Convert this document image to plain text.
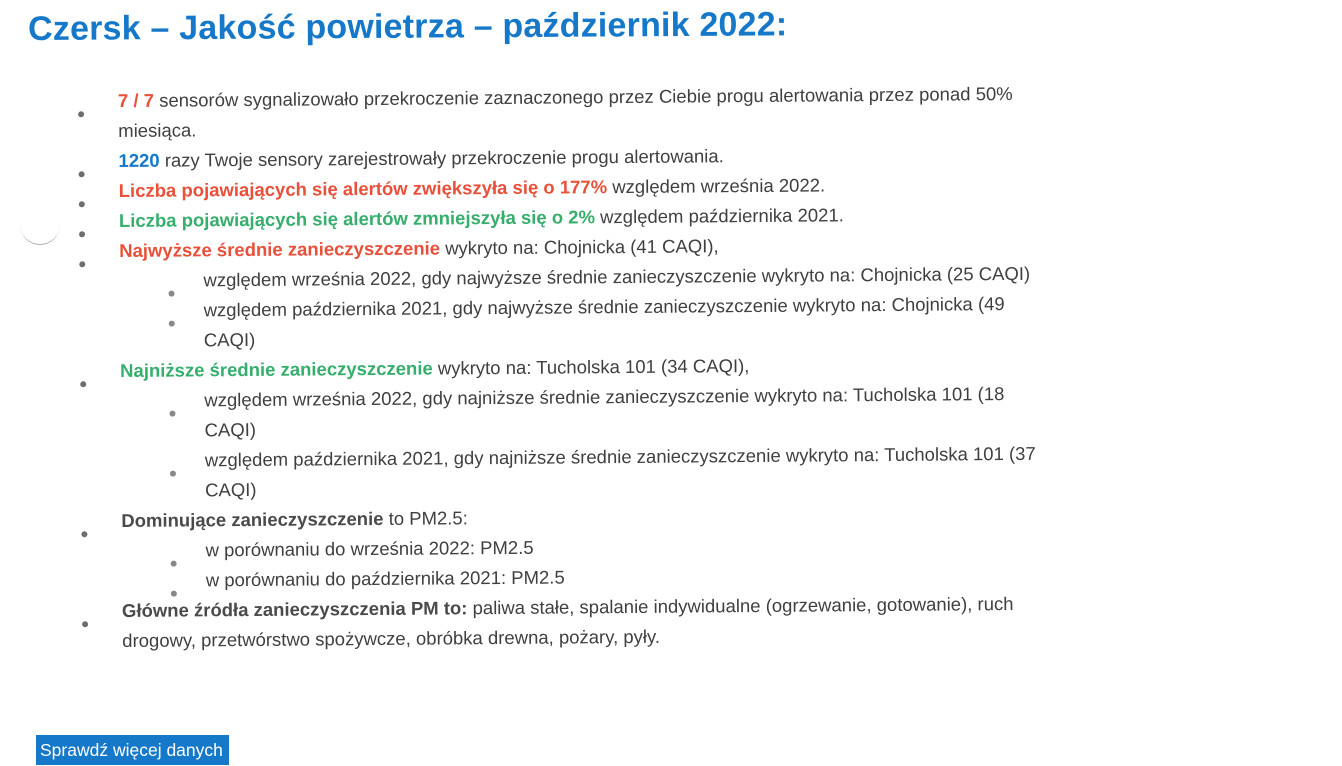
Czersk – Jakość powietrza – październik 2022:
7 / 7 sensorów sygnalizowało przekroczenie zaznaczonego przez Ciebie progu alertowania przez ponad 50%
miesiąca.
1220 razy Twoje sensory zarejestrowały przekroczenie progu alertowania.
Liczba pojawiających się alertów zwiększyła się o 177% względem września 2022.
Liczba pojawiających się alertów zmniejszyła się o 2% względem października 2021.
Najwyższe średnie zanieczyszczenie wykryto na: Chojnicka (41 CAQI),
względem września 2022, gdy najwyższe średnie zanieczyszczenie wykryto na: Chojnicka (25 CAQI)
względem października 2021, gdy najwyższe średnie zanieczyszczenie wykryto na: Chojnicka (49
CAQI)
Najniższe średnie zanieczyszczenie wykryto na: Tucholska 101 (34 CAQI),
względem września 2022, gdy najniższe średnie zanieczyszczenie wykryto na: Tucholska 101 (18
CAQI)
względem października 2021, gdy najniższe średnie zanieczyszczenie wykryto na: Tucholska 101 (37
CAQI)
Dominujące zanieczyszczenie to PM2.5:
w porównaniu do września 2022: PM2.5
w porównaniu do października 2021: PM2.5
Główne źródła zanieczyszczenia PM to: paliwa stałe, spalanie indywidualne (ogrzewanie, gotowanie), ruch
drogowy, przetwórstwo spożywcze, obróbka drewna, pożary, pyły.
Sprawdź więcej danych
